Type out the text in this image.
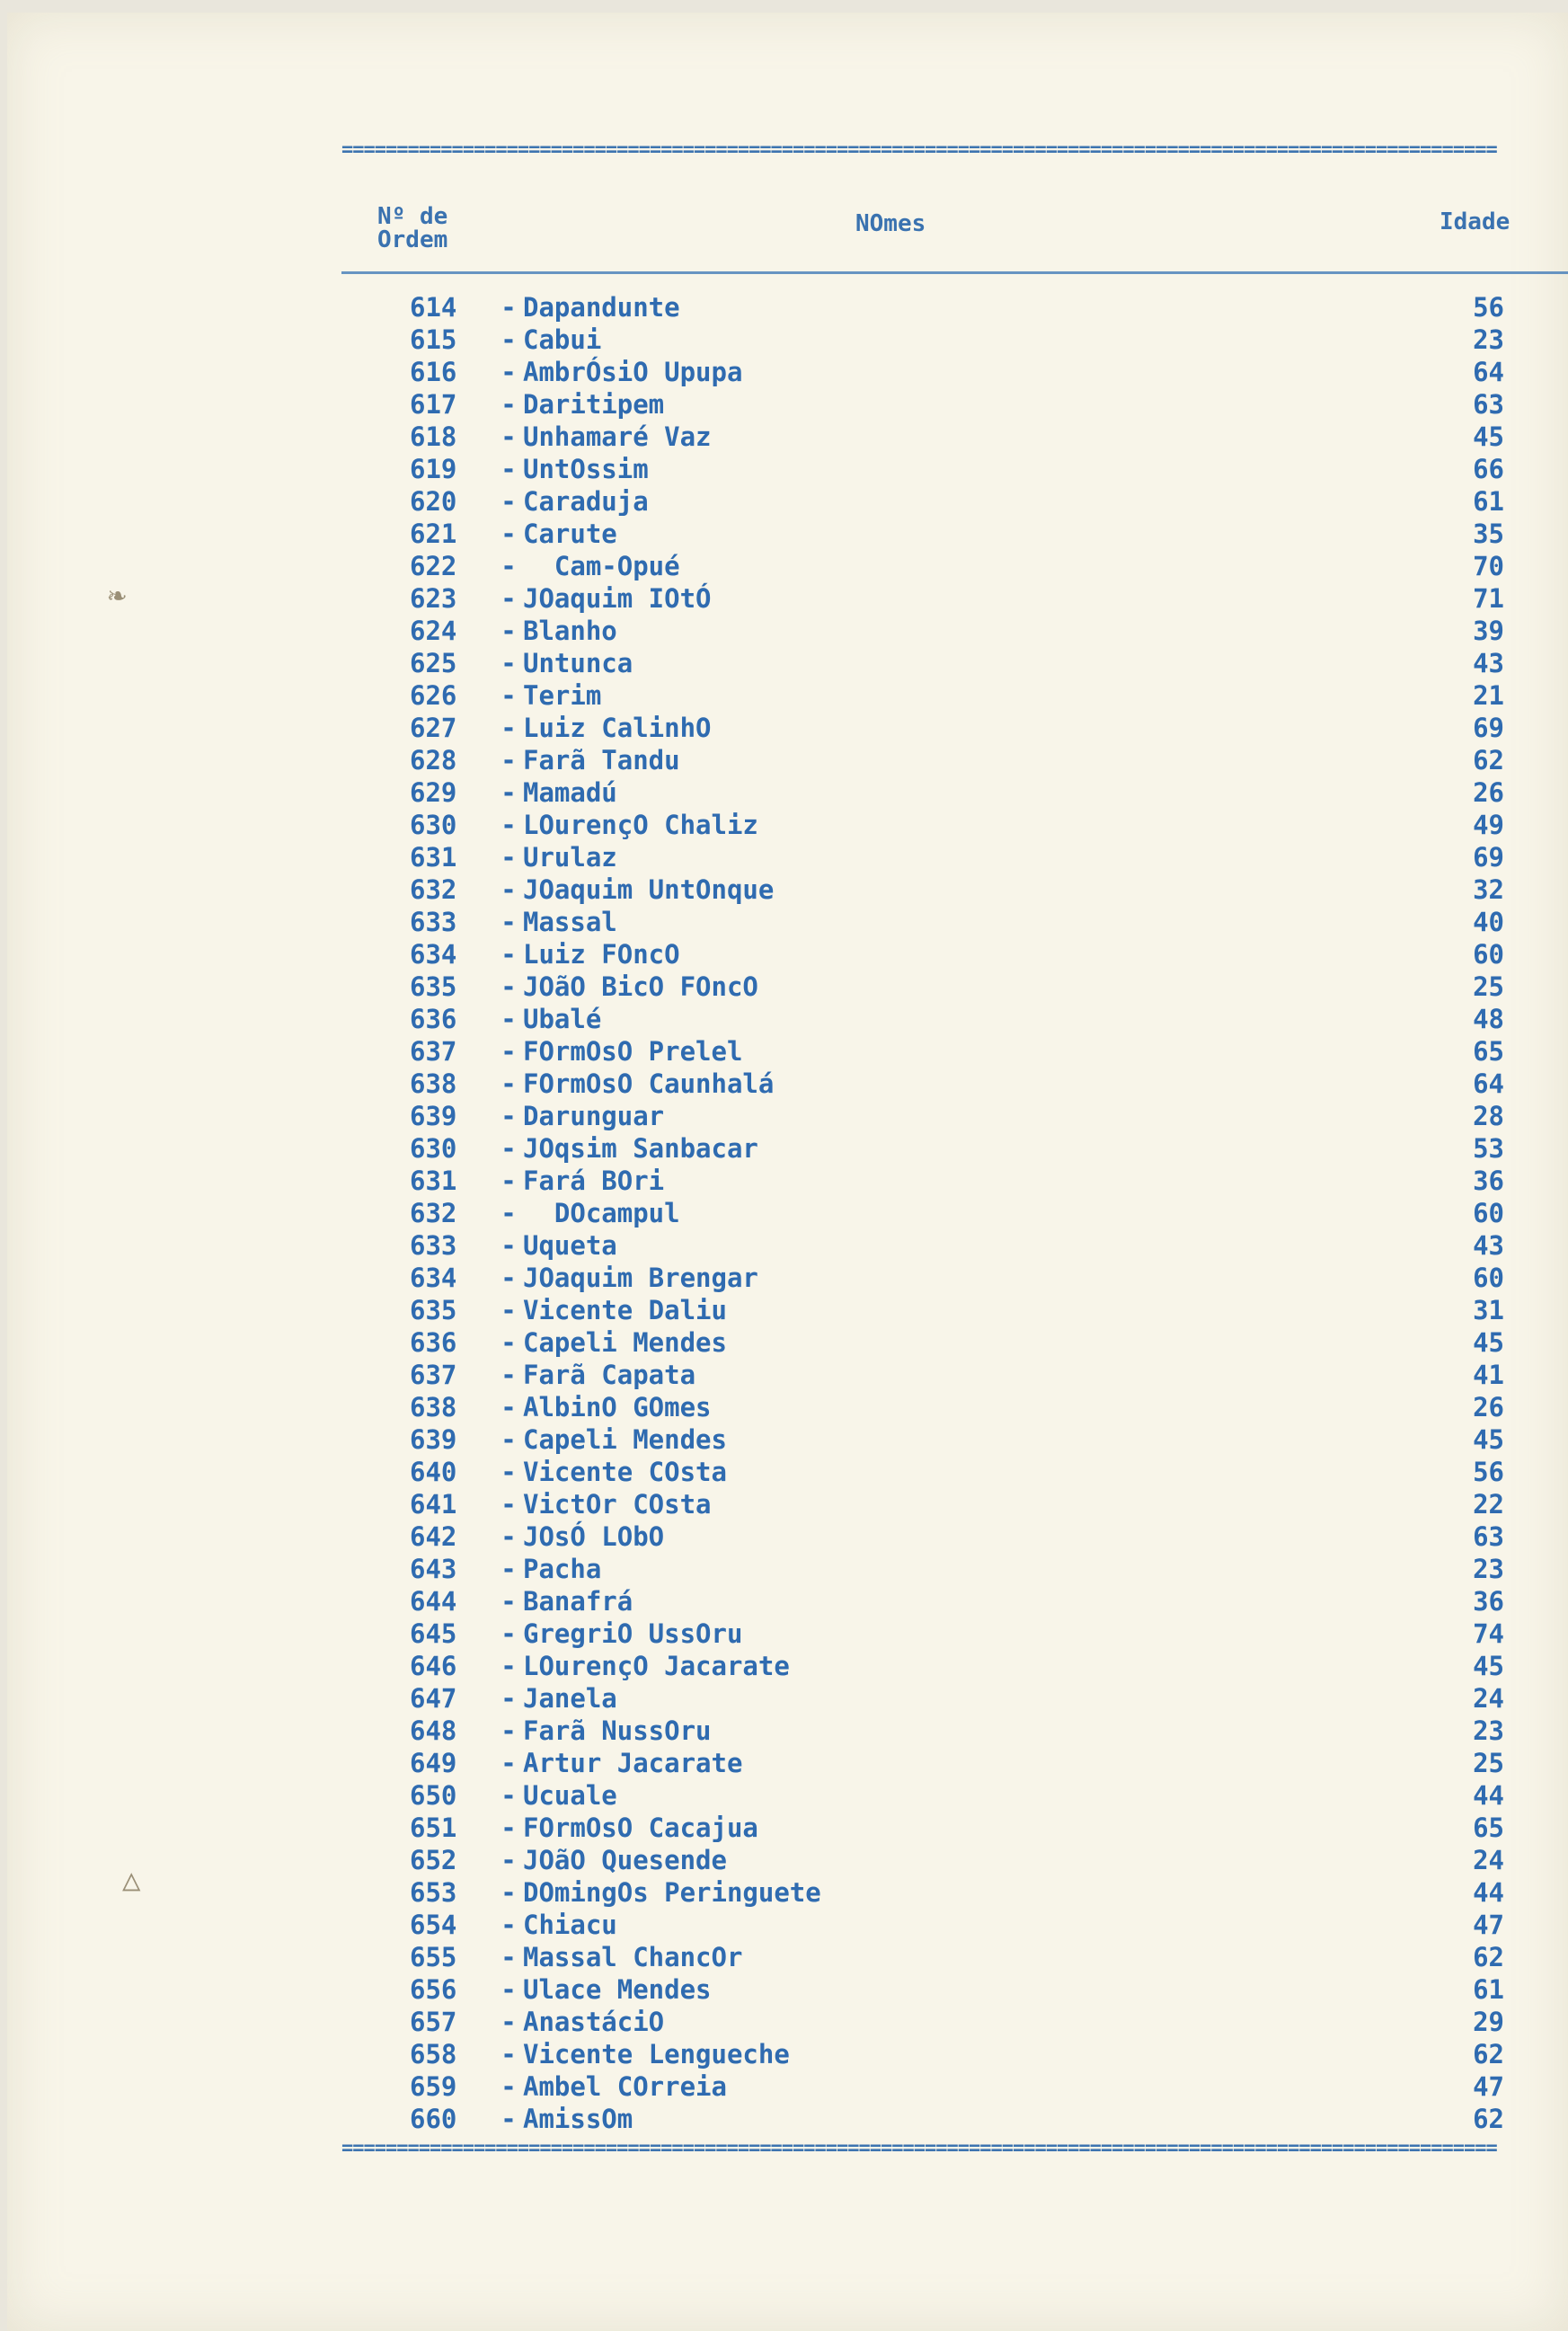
❧
△
=========================================================================================================
Nº de
Ordem
NOmes	Idade
614	- Dapandunte	56
615	- Cabui	23
616	- AmbrÓsiO Upupa	64
617	- Daritipem	63
618	- Unhamaré Vaz	45
619	- UntOssim	66
620	- Caraduja	61
621	- Carute	35
622	- Cam-Opué	70
623	- JOaquim IOtÓ	71
624	- Blanho	39
625	- Untunca	43
626	- Terim	21
627	- Luiz CalinhO	69
628	- Farã Tandu	62
629	- Mamadú	26
630	- LOurençO Chaliz	49
631	- Urulaz	69
632	- JOaquim UntOnque	32
633	- Massal	40
634	- Luiz FOncO	60
635	- JOãO BicO FOncO	25
636	- Ubalé	48
637	- FOrmOsO Prelel	65
638	- FOrmOsO Caunhalá	64
639	- Darunguar	28
630	- JOqsim Sanbacar	53
631	- Fará BOri	36
632	- DOcampul	60
633	- Uqueta	43
634	- JOaquim Brengar	60
635	- Vicente Daliu	31
636	- Capeli Mendes	45
637	- Farã Capata	41
638	- AlbinO GOmes	26
639	- Capeli Mendes	45
640	- Vicente COsta	56
641	- VictOr COsta	22
642	- JOsÓ LObO	63
643	- Pacha	23
644	- Banafrá	36
645	- GregriO UssOru	74
646	- LOurençO Jacarate	45
647	- Janela	24
648	- Farã NussOru	23
649	- Artur Jacarate	25
650	- Ucuale	44
651	- FOrmOsO Cacajua	65
652	- JOãO Quesende	24
653	- DOmingOs Peringuete	44
654	- Chiacu	47
655	- Massal ChancOr	62
656	- Ulace Mendes	61
657	- AnastáciO	29
658	- Vicente Lengueche	62
659	- Ambel COrreia	47
660	- AmissOm	62
=========================================================================================================
